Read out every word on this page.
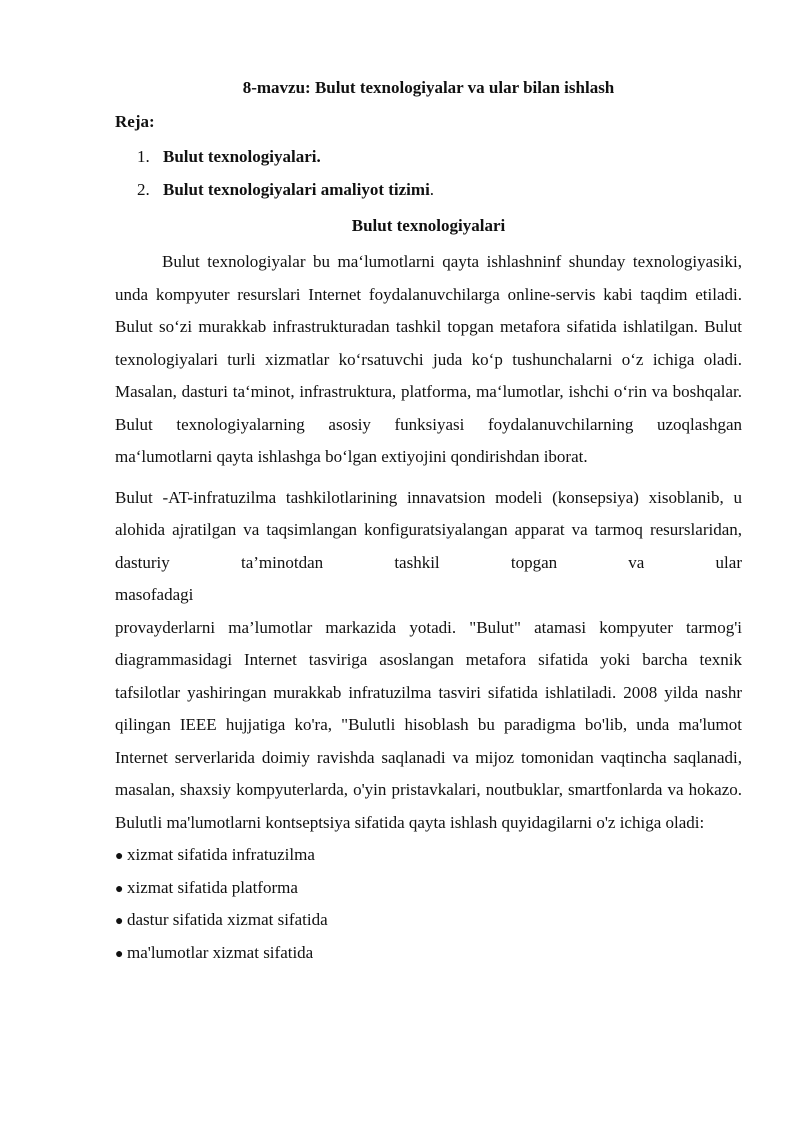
8-mavzu: Bulut texnologiyalar va ular bilan ishlash
Reja:
1. Bulut texnologiyalari.
2. Bulut texnologiyalari amaliyot tizimi.
Bulut texnologiyalari

Bulut texnologiyalar bu ma‘lumotlarni qayta ishlashninf shunday texnologiyasiki, unda kompyuter resurslari Internet foydalanuvchilarga online-servis kabi taqdim etiladi. Bulut so‘zi murakkab infrastrukturadan tashkil topgan metafora sifatida ishlatilgan. Bulut texnologiyalari turli xizmatlar ko‘rsatuvchi juda ko‘p tushunchalarni o‘z ichiga oladi. Masalan, dasturi ta‘minot, infrastruktura, platforma, ma‘lumotlar, ishchi o‘rin va boshqalar. Bulut texnologiyalarning asosiy funksiyasi foydalanuvchilarning uzoqlashgan ma‘lumotlarni qayta ishlashga bo‘lgan extiyojini qondirishdan iborat.

Bulut -AT-infratuzilma tashkilotlarining innavatsion modeli (konsepsiya) xisoblanib, u alohida ajratilgan va taqsimlangan konfiguratsiyalangan apparat va tarmoq resurslaridan, dasturiy ta’minotdan tashkil topgan va ular

masofadagi

provayderlarni ma’lumotlar markazida yotadi. "Bulut" atamasi kompyuter tarmog'i diagrammasidagi Internet tasviriga asoslangan metafora sifatida yoki barcha texnik tafsilotlar yashiringan murakkab infratuzilma tasviri sifatida ishlatiladi. 2008 yilda nashr qilingan IEEE hujjatiga ko'ra, "Bulutli hisoblash bu paradigma bo'lib, unda ma'lumot Internet serverlarida doimiy ravishda saqlanadi va mijoz tomonidan vaqtincha saqlanadi, masalan, shaxsiy kompyuterlarda, o'yin pristavkalari, noutbuklar, smartfonlarda va hokazo. Bulutli ma'lumotlarni kontseptsiya sifatida qayta ishlash quyidagilarni o'z ichiga oladi:

● xizmat sifatida infratuzilma
● xizmat sifatida platforma
● dastur sifatida xizmat sifatida
● ma'lumotlar xizmat sifatida
